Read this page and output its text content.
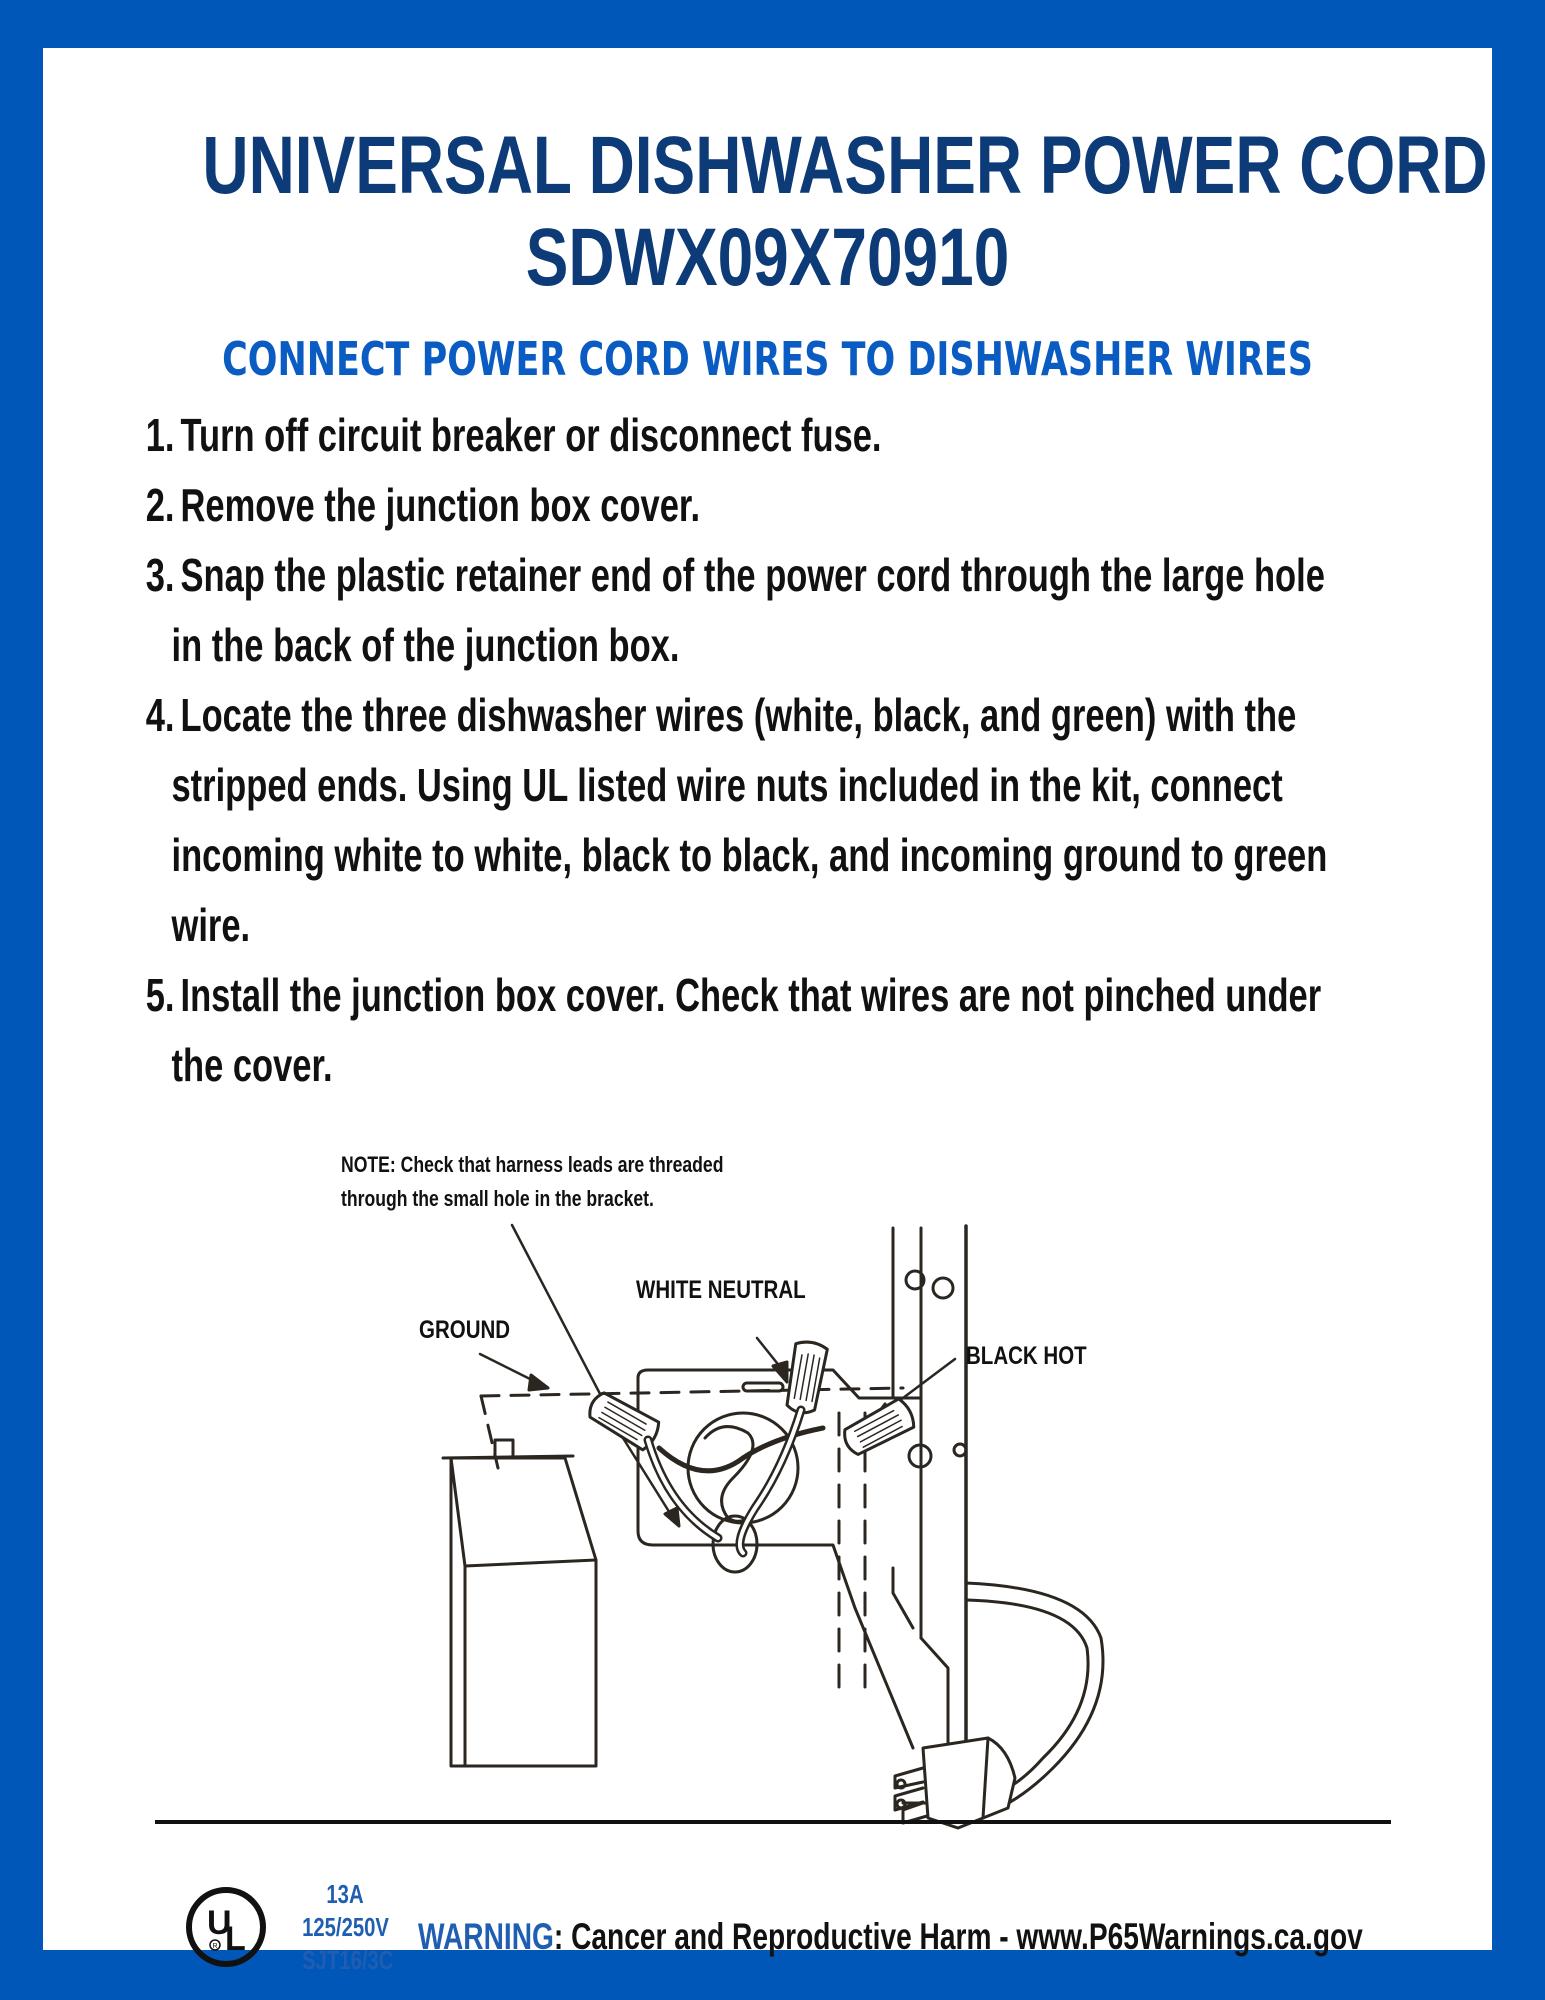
UNIVERSAL DISHWASHER POWER CORD
SDWX09X70910
CONNECT POWER CORD WIRES TO DISHWASHER WIRES
1. Turn off circuit breaker or disconnect fuse.
2. Remove the junction box cover.
3. Snap the plastic retainer end of the power cord through the large hole
in the back of the junction box.
4. Locate the three dishwasher wires (white, black, and green) with the
stripped ends. Using UL listed wire nuts included in the kit, connect
incoming white to white, black to black, and incoming ground to green
wire.
5. Install the junction box cover. Check that wires are not pinched under
the cover.
NOTE: Check that harness leads are threaded
through the small hole in the bracket.
GROUND
WHITE NEUTRAL
BLACK HOT
U
L
R
13A
125/250V
SJT16/3C
WARNING: Cancer and Reproductive Harm - www.P65Warnings.ca.gov
